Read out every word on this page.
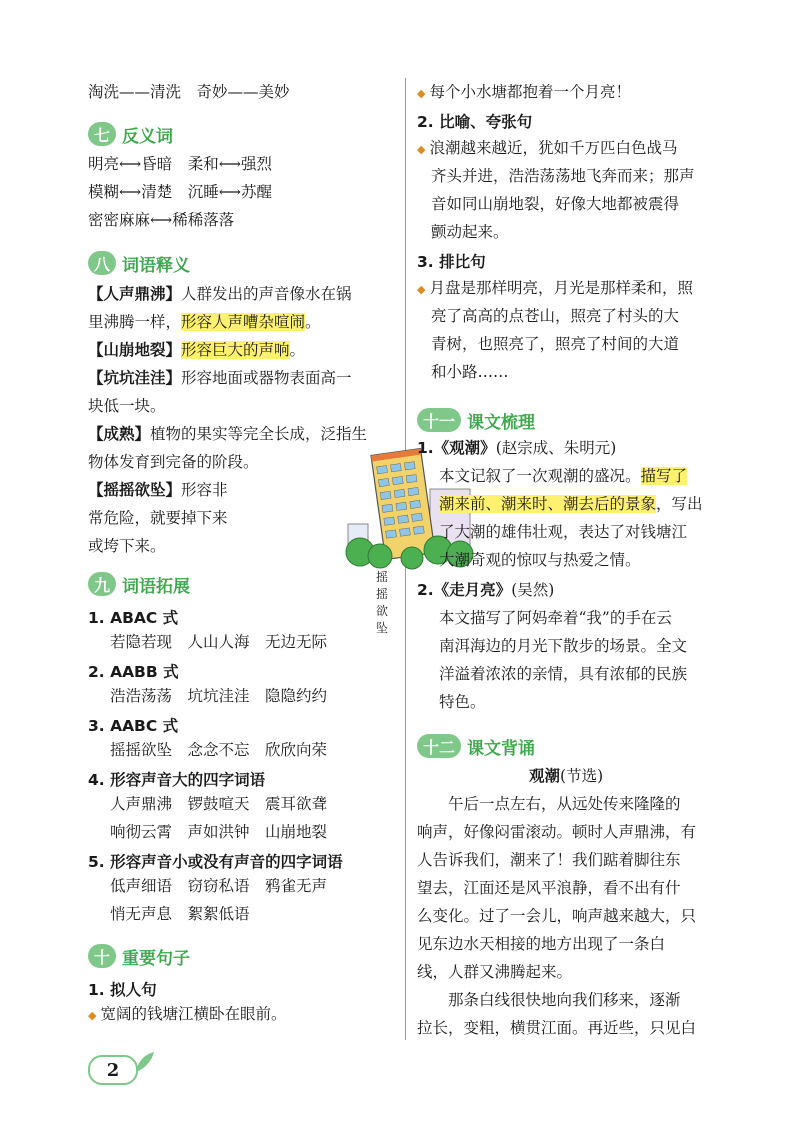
淘洗——清洗　奇妙——美妙
七 反义词
明亮⟷昏暗　柔和⟷强烈
模糊⟷清楚　沉睡⟷苏醒
密密麻麻⟷稀稀落落
八 词语释义
【人声鼎沸】人群发出的声音像水在锅
里沸腾一样，形容人声嘈杂喧闹。
【山崩地裂】形容巨大的声响。
【坑坑洼洼】形容地面或器物表面高一
块低一块。
【成熟】植物的果实等完全长成，泛指生
物体发育到完备的阶段。
【摇摇欲坠】形容非
常危险，就要掉下来
或垮下来。
摇摇欲坠
九 词语拓展
1. ABAC 式
若隐若现　人山人海　无边无际
2. AABB 式
浩浩荡荡　坑坑洼洼　隐隐约约
3. AABC 式
摇摇欲坠　念念不忘　欣欣向荣
4. 形容声音大的四字词语
人声鼎沸　锣鼓喧天　震耳欲聋
响彻云霄　声如洪钟　山崩地裂
5. 形容声音小或没有声音的四字词语
低声细语　窃窃私语　鸦雀无声
悄无声息　絮絮低语
十 重要句子
1. 拟人句
◆ 宽阔的钱塘江横卧在眼前。
◆ 每个小水塘都抱着一个月亮！
2. 比喻、夸张句
◆ 浪潮越来越近，犹如千万匹白色战马
齐头并进，浩浩荡荡地飞奔而来；那声
音如同山崩地裂，好像大地都被震得
颤动起来。
3. 排比句
◆ 月盘是那样明亮，月光是那样柔和，照
亮了高高的点苍山，照亮了村头的大
青树，也照亮了，照亮了村间的大道
和小路……
十一 课文梳理
1.《观潮》(赵宗成、朱明元)
本文记叙了一次观潮的盛况。描写了
潮来前、潮来时、潮去后的景象，写出
了大潮的雄伟壮观，表达了对钱塘江
大潮奇观的惊叹与热爱之情。
2.《走月亮》(吴然)
本文描写了阿妈牵着“我”的手在云
南洱海边的月光下散步的场景。全文
洋溢着浓浓的亲情，具有浓郁的民族
特色。
十二 课文背诵
观潮(节选)
　　午后一点左右，从远处传来隆隆的
响声，好像闷雷滚动。顿时人声鼎沸，有
人告诉我们，潮来了！我们踮着脚往东
望去，江面还是风平浪静，看不出有什
么变化。过了一会儿，响声越来越大，只
见东边水天相接的地方出现了一条白
线，人群又沸腾起来。
　　那条白线很快地向我们移来，逐渐
拉长，变粗，横贯江面。再近些，只见白
2
